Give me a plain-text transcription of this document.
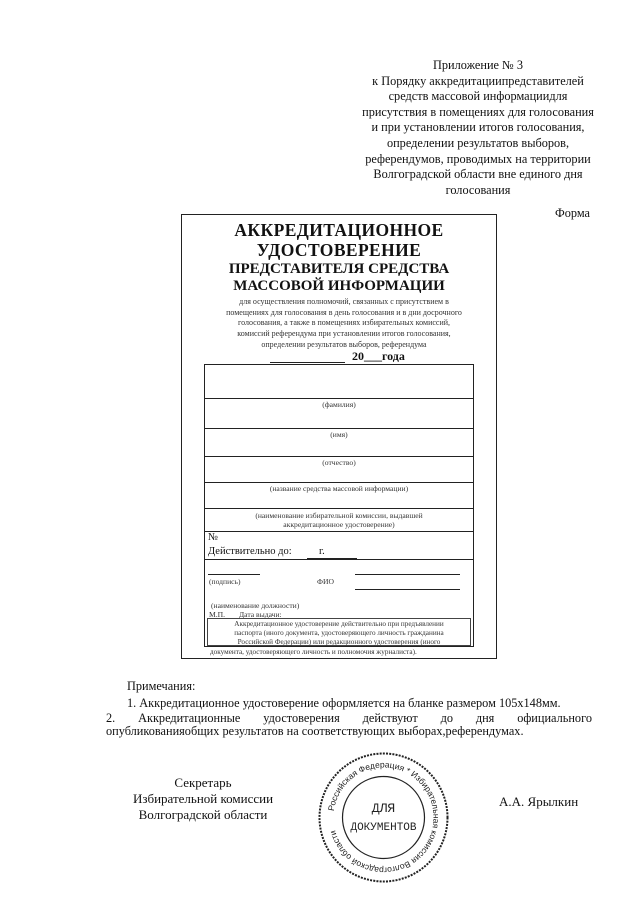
Приложение № 3
к Порядку аккредитациипредставителей
средств массовой информациидля
присутствия в помещениях для голосования
и при установлении итогов голосования,
определении результатов выборов,
референдумов, проводимых на территории
Волгоградской области вне единого дня
голосования
Форма
АККРЕДИТАЦИОННОЕ
УДОСТОВЕРЕНИЕ
ПРЕДСТАВИТЕЛЯ СРЕДСТВА
МАССОВОЙ ИНФОРМАЦИИ
для осуществления полномочий, связанных с присутствием в
помещениях для голосования в день голосования и в дни досрочного
голосования, а также в помещениях избирательных комиссий,
комиссий референдума при установлении итогов голосования,
определении результатов выборов, референдума
20___года
(фамилия)
(имя)
(отчество)
(название средства массовой информации)
(наименование избирательной комиссии, выдавшей
аккредитационное удостоверение)
№
Действительно до:	г.
(подпись)	ФИО
(наименование должности)
М.П. Дата выдачи:
Аккредитационное удостоверение действительно при предъявлении
паспорта (иного документа, удостоверяющего личность гражданина
Российской Федерации) или редакционного удостоверения (иного
документа, удостоверяющего личность и полномочия журналиста).
Примечания:
1. Аккредитационное удостоверение оформляется на бланке размером 105х148мм.
2. Аккредитационные удостоверения действуют до дня официального
опубликованияобщих результатов на соответствующих выборах,референдумах.
Секретарь
Избирательной комиссии
Волгоградской области
А.А. Ярылкин
Российская Федерация * Избирательная комиссия Волгоградской области
ДЛЯ
ДОКУМЕНТОВ
